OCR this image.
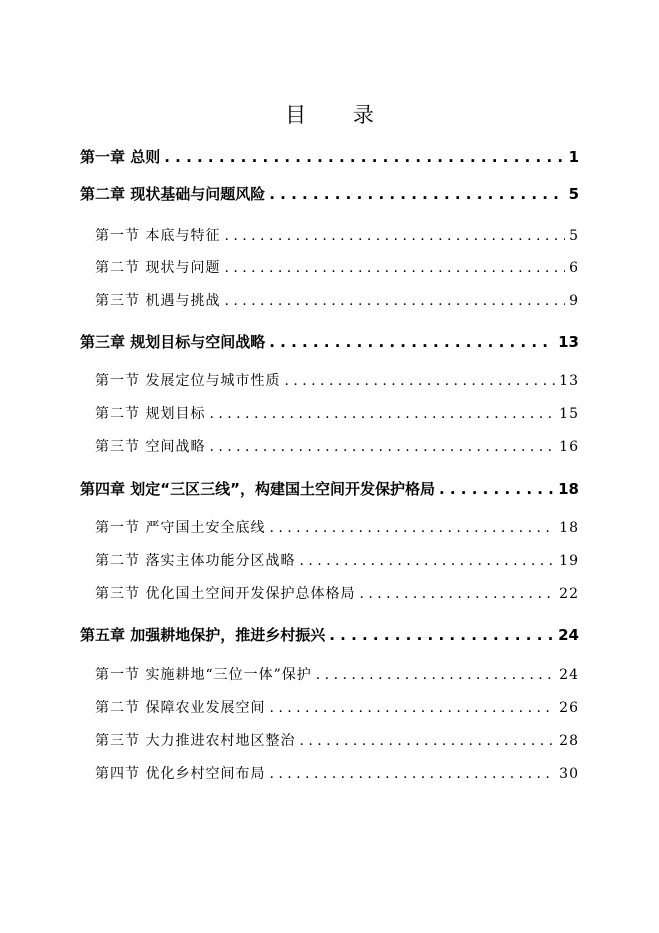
目 录
第一章 总则 . . .	1
第二章 现状基础与问题风险 . . .	5
第一节 本底与特征 . . .	5
第二节 现状与问题 . . .	6
第三节 机遇与挑战 . . .	9
第三章 规划目标与空间战略 . . .	13
第一节 发展定位与城市性质 . . .	13
第二节 规划目标 . . .	15
第三节 空间战略 . . .	16
第四章 划定“三区三线”，构建国土空间开发保护格局 . . .	18
第一节 严守国土安全底线 . . .	18
第二节 落实主体功能分区战略 . . .	19
第三节 优化国土空间开发保护总体格局 . . .	22
第五章 加强耕地保护，推进乡村振兴 . . .	24
第一节 实施耕地“三位一体”保护 . . .	24
第二节 保障农业发展空间 . . .	26
第三节 大力推进农村地区整治 . . .	28
第四节 优化乡村空间布局 . . .	30
